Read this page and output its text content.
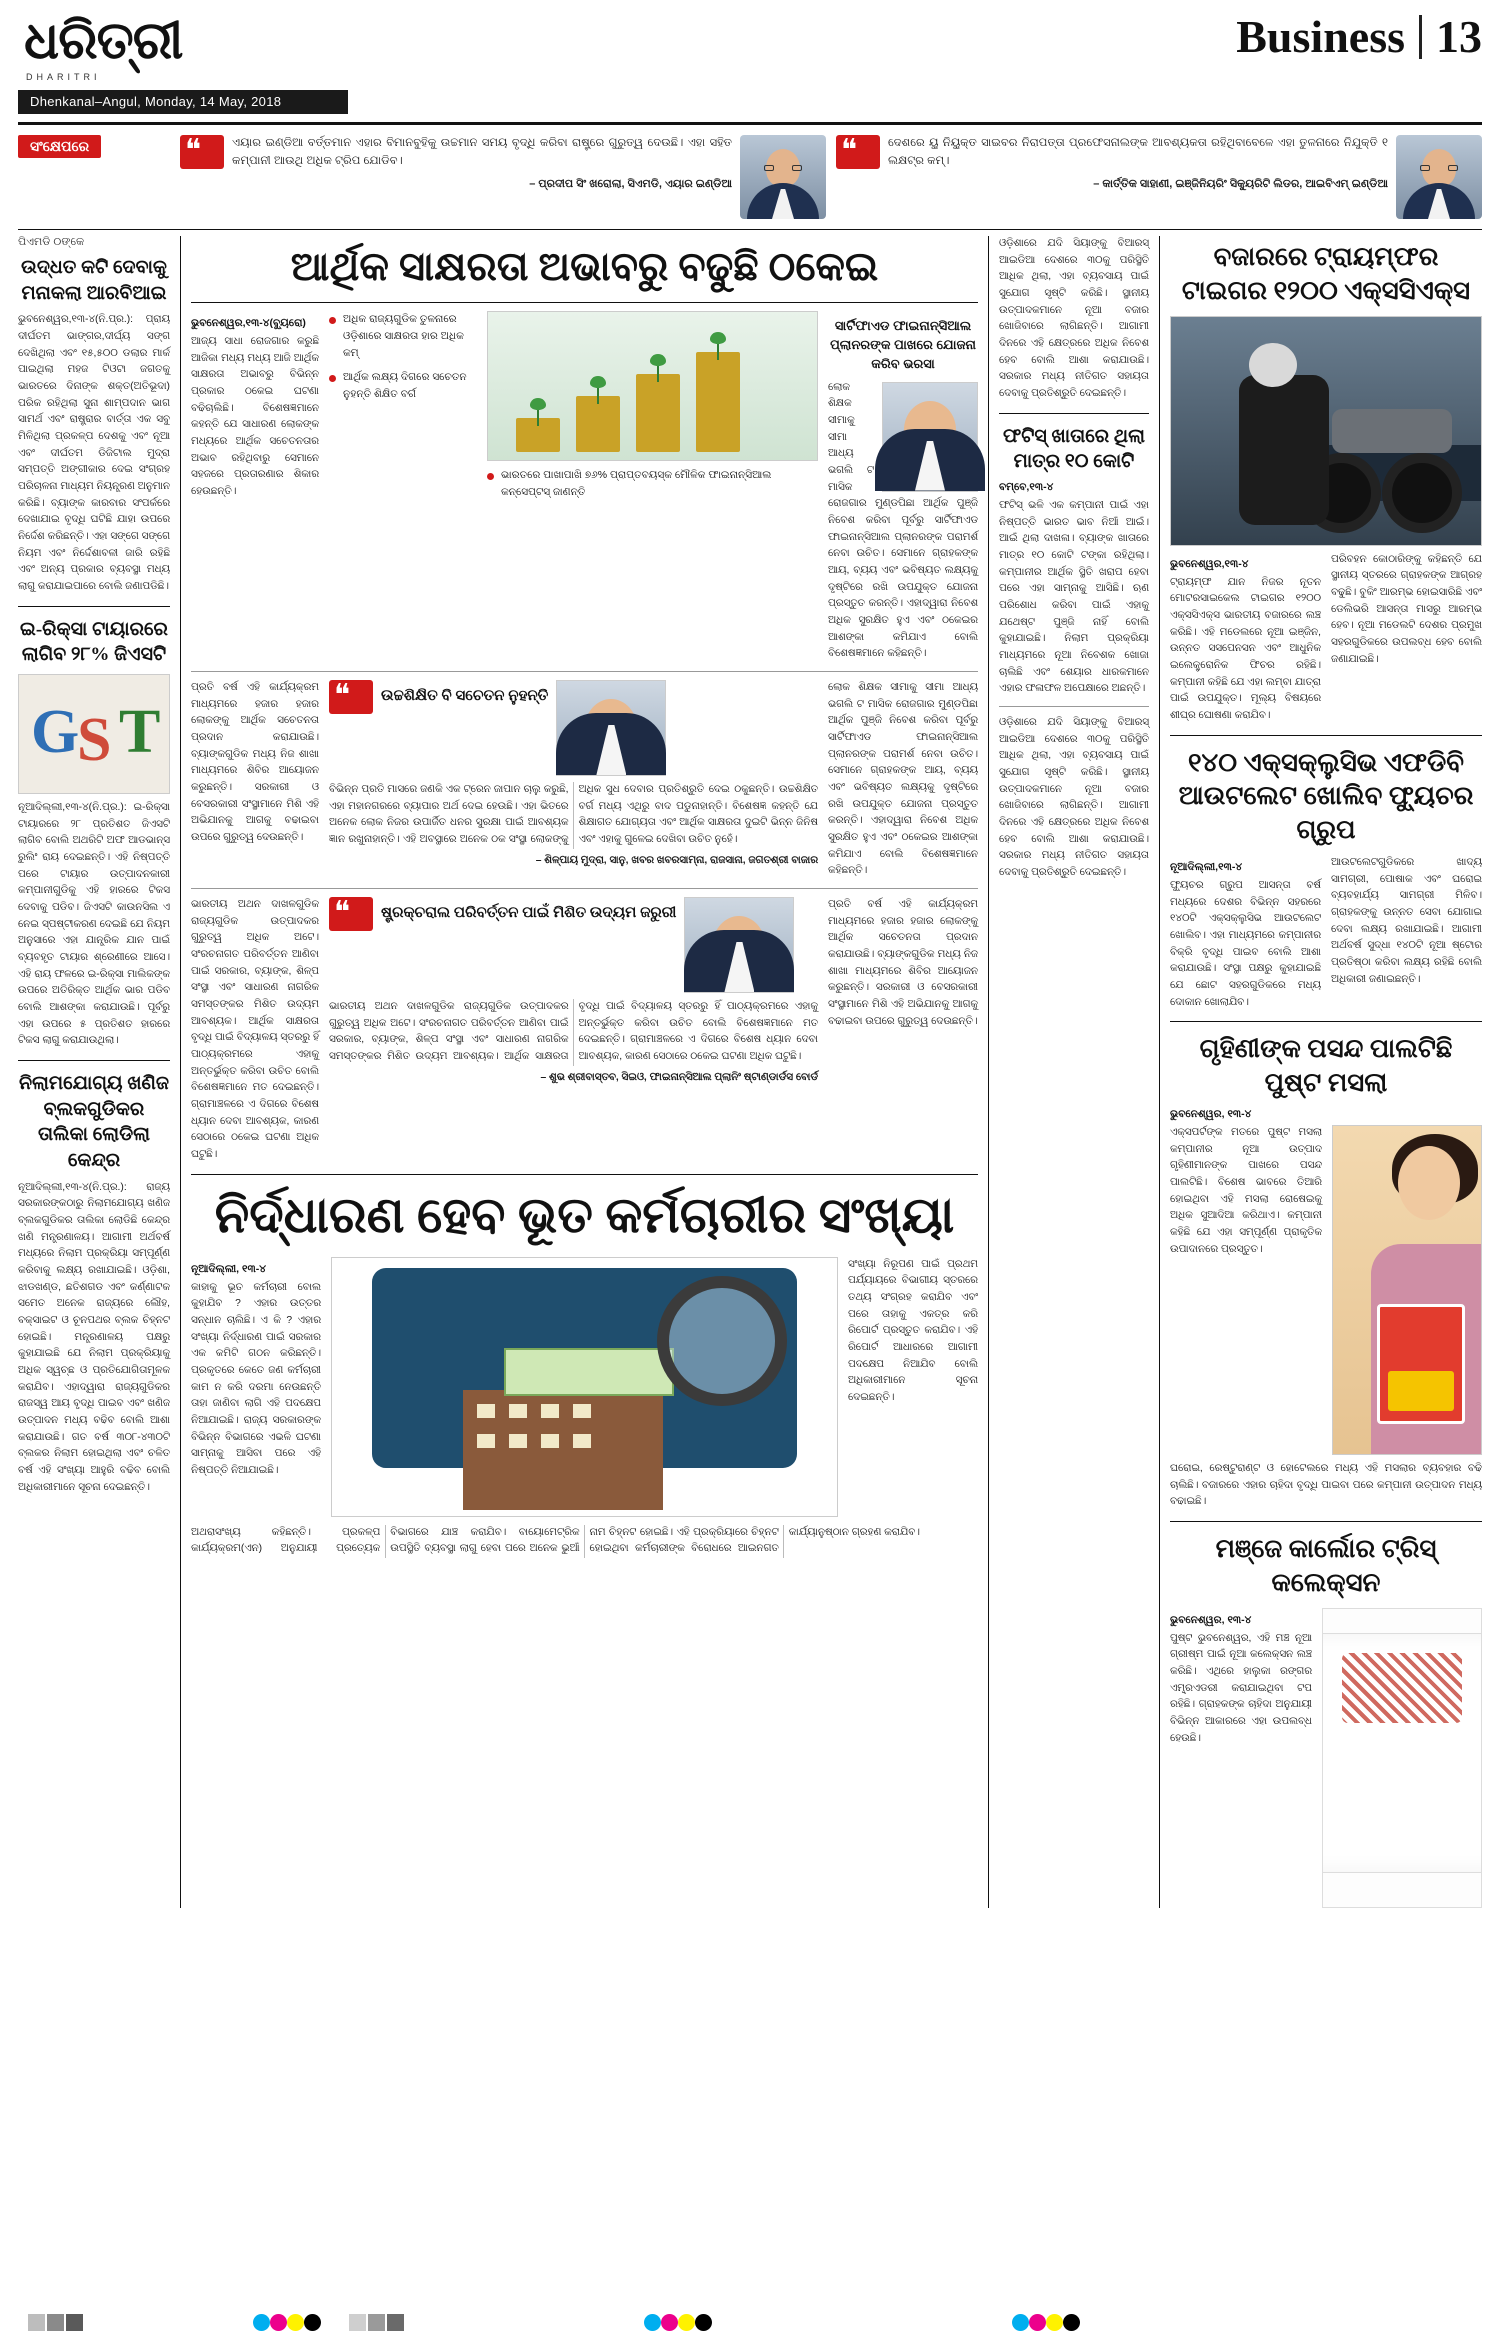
ଧରିତ୍ରୀ
DHARITRI
Business 13
Dhenkanal–Angul, Monday, 14 May, 2018
ସଂକ୍ଷେପରେ ❝	ଏୟାର ଇଣ୍ଡିଆ ବର୍ତ୍ତମାନ ଏହାର ବିମାନବୁହିକୁ ଉଚ୍ଚମାନ ସମୟ ବୃଦ୍ଧି କରିବା ରାଷ୍ଟ୍ରେ ଗୁରୁତ୍ୱ ଦେଉଛି। ଏହା ସହିତ କମ୍ପାନୀ ଆଉଥି ଅଧିକ ଟ୍ରିପ ଯୋଡିବ।
– ପ୍ରଦୀପ ସିଂ ଖରୋଲା, ସିଏମଡି, ଏୟାର ଇଣ୍ଡିଆ
❝
ଦେଶରେ ୟୁ ନିୟୁକ୍ତ ସାଇବର ନିରାପତ୍ତା ପ୍ରଫେସନାଲଙ୍କ ଆବଶ୍ୟକତା ରହିଥିବାବେଳେ ଏହା ତୁଳନାରେ ନିଯୁକ୍ତି ୧ ଲକ୍ଷଟ୍ର କମ୍।
– କାର୍ତ୍ତିକ ସାହାଣୀ, ଇଞ୍ଜିନିୟରିଂ ସିକ୍ୟୁରିଟି ଲିଡର, ଆଇବିଏମ୍ ଇଣ୍ଡିଆ
ପିଏମଡି ୦ଙ୍କେ
ଉଦ୍ଧତ କଟି ଦେବାକୁ ମନାକଲା ଆରବିଆଇ
ଭୁବନେଶ୍ୱର,୧୩-୪(ନି.ପ୍ର.): ପ୍ରାୟ ଦୀର୍ଘତମ ଭାଙ୍ଗର,ଦୀର୍ଘ୍ୟ ସଙ୍ଗ ଦେଖିଥିଲା ଏବଂ ୧୫,୫୦୦ ଡଲାର ମାର୍କ ପାଇଥିଲା ମହଜ ଟିଓଟା ଜଗତକୁ ଭାରତରେ ଦିନାଙ୍କ ଶକ୍ତ(ଅତିଭୂଦା) ପରିକ ରହିଥିଲା ସୁନା ଶାମ୍ପଦାନ ଭାଗ ସାମର୍ଥ ଏବଂ ରାଷ୍ଟ୍ରାର ବାର୍ତ୍ତା ଏକ ସବୁ ମିଳିଥିଲା ପ୍ରକଳ୍ପ ଦେଶକୁ ଏବଂ ନୂଆ ଏବଂ ଦୀର୍ଘତମ ଡିଜିଟାଲ ମୁଦ୍ରା ସମ୍ପତ୍ତି ଅଙ୍ଗୀକାର ଦେଇ ସଂଗ୍ରହ ପରିଚାଳନା ମାଧ୍ୟମ ନିୟନ୍ତ୍ରଣ ଅନୁମାନ କରିଛି। ବ୍ୟାଙ୍କ କାରବାର ସଂପର୍କରେ ଦେଖାଯାଇ ବୃଦ୍ଧି ଘଟିଛି ଯାହା ଉପରେ ନିର୍ଦ୍ଦେଶ କରିଛନ୍ତି। ଏହା ସଙ୍ଗେ ସଙ୍ଗେ ନିୟମ ଏବଂ ନିର୍ଦ୍ଦେଶାବଳୀ ଜାରି ରହିଛି ଏବଂ ଅନ୍ୟ ପ୍ରକାର ବ୍ୟବସ୍ଥା ମଧ୍ୟ ଲାଗୁ କରାଯାଇପାରେ ବୋଲି ଜଣାପଡିଛି।
ଇ-ରିକ୍ସା ଟାୟାରରେ ଲାଗିବ ୨୮% ଜିଏସଟି
G
S T
ନୂଆଦିଲ୍ଲୀ,୧୩-୪(ନି.ପ୍ର.): ଇ-ରିକ୍ସା ଟାୟାରରେ ୨୮ ପ୍ରତିଶତ ଜିଏସଟି ଲାଗିବ ବୋଲି ଅଥରିଟି ଅଫ ଆଡଭାନ୍ସ ରୁଲିଂ ରାୟ ଦେଇଛନ୍ତି। ଏହି ନିଷ୍ପତ୍ତି ପରେ ଟାୟାର ଉତ୍ପାଦନକାରୀ କମ୍ପାନୀଗୁଡିକୁ ଏହି ହାରରେ ଟିକସ ଦେବାକୁ ପଡିବ। ଜିଏସଟି କାଉନସିଲ ଏ ନେଇ ସ୍ପଷ୍ଟୀକରଣ ଦେଇଛି ଯେ ନିୟମ ଅନୁସାରେ ଏହା ଯାନ୍ତ୍ରିକ ଯାନ ପାଇଁ ବ୍ୟବହୃତ ଟାୟାର ଶ୍ରେଣୀରେ ଆସେ। ଏହି ରାୟ ଫଳରେ ଇ-ରିକ୍ସା ମାଲିକଙ୍କ ଉପରେ ଅତିରିକ୍ତ ଆର୍ଥିକ ଭାର ପଡିବ ବୋଲି ଆଶଙ୍କା କରାଯାଉଛି। ପୂର୍ବରୁ ଏହା ଉପରେ ୫ ପ୍ରତିଶତ ହାରରେ ଟିକସ ଲାଗୁ କରାଯାଉଥିଲା।
ନିଲାମଯୋଗ୍ୟ ଖଣିଜ ବ୍ଲକଗୁଡିକର ତାଲିକା ଲୋଡିଲା କେନ୍ଦ୍ର
ନୂଆଦିଲ୍ଲୀ,୧୩-୪(ନି.ପ୍ର.): ରାଜ୍ୟ ସରକାରଙ୍କଠାରୁ ନିଲାମଯୋଗ୍ୟ ଖଣିଜ ବ୍ଲକଗୁଡିକର ତାଲିକା ଲୋଡିଛି କେନ୍ଦ୍ର ଖଣି ମନ୍ତ୍ରଣାଳୟ। ଆଗାମୀ ଅର୍ଥବର୍ଷ ମଧ୍ୟରେ ନିଲାମ ପ୍ରକ୍ରିୟା ସମ୍ପୂର୍ଣ୍ଣ କରିବାକୁ ଲକ୍ଷ୍ୟ ରଖାଯାଇଛି। ଓଡ଼ିଶା, ଝାଡଖଣ୍ଡ, ଛତିଶଗଡ ଏବଂ କର୍ଣ୍ଣାଟକ ସମେତ ଅନେକ ରାଜ୍ୟରେ ଲୌହ, ବକ୍ସାଇଟ ଓ ଚୂନପଥର ବ୍ଲକ ଚିହ୍ନଟ ହୋଇଛି। ମନ୍ତ୍ରଣାଳୟ ପକ୍ଷରୁ କୁହାଯାଇଛି ଯେ ନିଲାମ ପ୍ରକ୍ରିୟାକୁ ଅଧିକ ସ୍ୱଚ୍ଛ ଓ ପ୍ରତିଯୋଗିତାମୂଳକ କରାଯିବ। ଏହାଦ୍ୱାରା ରାଜ୍ୟଗୁଡିକର ରାଜସ୍ୱ ଆୟ ବୃଦ୍ଧି ପାଇବ ଏବଂ ଖଣିଜ ଉତ୍ପାଦନ ମଧ୍ୟ ବଢିବ ବୋଲି ଆଶା କରାଯାଉଛି। ଗତ ବର୍ଷ ୩୦୮-୪୩୦ଟି ବ୍ଲକର ନିଲାମ ହୋଇଥିଲା ଏବଂ ଚଳିତ ବର୍ଷ ଏହି ସଂଖ୍ୟା ଆହୁରି ବଢିବ ବୋଲି ଅଧିକାରୀମାନେ ସୂଚନା ଦେଇଛନ୍ତି।
ଆର୍ଥିକ ସାକ୍ଷରତା ଅଭାବରୁ ବଢୁଛି ଠକେଇ
ଭୁବନେଶ୍ୱର,୧୩-୪(ବ୍ୟୁରୋ)
ଆଜ୍ୟ ସାଧା ରୋଜଗାର କରୁଛି ଆଜିକା ମଧ୍ୟ ମଧ୍ୟ ଆଜି ଆର୍ଥିକ ସାକ୍ଷରତା ଅଭାବରୁ ବିଭିନ୍ନ ପ୍ରକାର ଠକେଇ ଘଟଣା ବଢିଚାଲିଛି। ବିଶେଷଜ୍ଞମାନେ କହନ୍ତି ଯେ ସାଧାରଣ ଲୋକଙ୍କ ମଧ୍ୟରେ ଆର୍ଥିକ ସଚେତନତାର ଅଭାବ ରହିଥିବାରୁ ସେମାନେ ସହଜରେ ପ୍ରତାରଣାର ଶିକାର ହେଉଛନ୍ତି।
ଅଧିକ ରାଜ୍ୟଗୁଡିକ ତୁଳନାରେ ଓଡ଼ିଶାରେ ସାକ୍ଷରତା ହାର ଅଧିକ କମ୍
ଆର୍ଥିକ ଲକ୍ଷ୍ୟ ଦିଗରେ ସଚେତନ ନୁହନ୍ତି ଶିକ୍ଷିତ ବର୍ଗ
ଭାରତରେ ପାଖାପାଖି ୭୬% ପ୍ରାପ୍ତବୟସ୍କ ମୌଳିକ ଫାଇନାନ୍ସିଆଲ କନ୍ସେପ୍ଟସ୍ ଜାଣନ୍ତି
ସାର୍ଟିଫାଏଡ ଫାଇନାନ୍ସିଆଲ ପ୍ଲାନରଙ୍କ ପାଖରେ ଯୋଜନା କରିବ ଭରସା
ଲୋକ ଶିକ୍ଷକ ସୀମାକୁ ସୀମା ଆଧ୍ୟ ଭଗଲି ଟ ମାସିକ ରୋଜଗାର ମୁଣ୍ଡପିଛା ଆର୍ଥିକ ପୁଞ୍ଜି ନିବେଶ କରିବା ପୂର୍ବରୁ ସାର୍ଟିଫାଏଡ ଫାଇନାନ୍ସିଆଲ ପ୍ଲାନରଙ୍କ ପରାମର୍ଶ ନେବା ଉଚିତ। ସେମାନେ ଗ୍ରାହକଙ୍କ ଆୟ, ବ୍ୟୟ ଏବଂ ଭବିଷ୍ୟତ ଲକ୍ଷ୍ୟକୁ ଦୃଷ୍ଟିରେ ରଖି ଉପଯୁକ୍ତ ଯୋଜନା ପ୍ରସ୍ତୁତ କରନ୍ତି। ଏହାଦ୍ୱାରା ନିବେଶ ଅଧିକ ସୁରକ୍ଷିତ ହୁଏ ଏବଂ ଠକେଇର ଆଶଙ୍କା କମିଯାଏ ବୋଲି ବିଶେଷଜ୍ଞମାନେ କହିଛନ୍ତି।
ପ୍ରତି ବର୍ଷ ଏହି କାର୍ଯ୍ୟକ୍ରମ ମାଧ୍ୟମରେ ହଜାର ହଜାର ଲୋକଙ୍କୁ ଆର୍ଥିକ ସଚେତନତା ପ୍ରଦାନ କରାଯାଉଛି। ବ୍ୟାଙ୍କଗୁଡିକ ମଧ୍ୟ ନିଜ ଶାଖା ମାଧ୍ୟମରେ ଶିବିର ଆୟୋଜନ କରୁଛନ୍ତି। ସରକାରୀ ଓ ବେସରକାରୀ ସଂସ୍ଥାମାନେ ମିଶି ଏହି ଅଭିଯାନକୁ ଆଗକୁ ବଢାଇବା ଉପରେ ଗୁରୁତ୍ୱ ଦେଉଛନ୍ତି।
❝
ଉଚ୍ଚଶିକ୍ଷିତ ବି ସଚେତନ ନୁହନ୍ତି
ବିଭିନ୍ନ ପ୍ରତି ମାସରେ ଜଣକି ଏକ ଟ୍ରେନ ଜାପାନ ଚାଲୁ କରୁଛି, ଏହା ମହାନଗରରେ ବ୍ୟାପାର ଅର୍ଥ ଦେଇ ହେଉଛି। ଏହା ଭିତରେ ଅନେକ ଲୋକ ନିଜର ଉପାର୍ଜିତ ଧନର ସୁରକ୍ଷା ପାଇଁ ଆବଶ୍ୟକ ଜ୍ଞାନ ରଖୁନାହାନ୍ତି। ଏହି ଅବସ୍ଥାରେ ଅନେକ ଠକ ସଂସ୍ଥା ଲୋକଙ୍କୁ ଅଧିକ ସୁଧ ଦେବାର ପ୍ରତିଶ୍ରୁତି ଦେଇ ଠକୁଛନ୍ତି। ଉଚ୍ଚଶିକ୍ଷିତ ବର୍ଗ ମଧ୍ୟ ଏଥିରୁ ବାଦ ପଡୁନାହାନ୍ତି। ବିଶେଷଜ୍ଞ କହନ୍ତି ଯେ ଶିକ୍ଷାଗତ ଯୋଗ୍ୟତା ଏବଂ ଆର୍ଥିକ ସାକ୍ଷରତା ଦୁଇଟି ଭିନ୍ନ ଜିନିଷ ଏବଂ ଏହାକୁ ଗୁଳେଇ ଦେଖିବା ଉଚିତ ନୁହେଁ।
– ଶିଳ୍ପାୟ ମୁଦ୍ରା, ସାନୁ, ଖବର ଖବରସାମ୍ନା, ରାଜସାନା, ଜଗତଶ୍ରୀ ବାଜାର
ଲୋକ ଶିକ୍ଷକ ସୀମାକୁ ସୀମା ଆଧ୍ୟ ଭଗଲି ଟ ମାସିକ ରୋଜଗାର ମୁଣ୍ଡପିଛା ଆର୍ଥିକ ପୁଞ୍ଜି ନିବେଶ କରିବା ପୂର୍ବରୁ ସାର୍ଟିଫାଏଡ ଫାଇନାନ୍ସିଆଲ ପ୍ଲାନରଙ୍କ ପରାମର୍ଶ ନେବା ଉଚିତ। ସେମାନେ ଗ୍ରାହକଙ୍କ ଆୟ, ବ୍ୟୟ ଏବଂ ଭବିଷ୍ୟତ ଲକ୍ଷ୍ୟକୁ ଦୃଷ୍ଟିରେ ରଖି ଉପଯୁକ୍ତ ଯୋଜନା ପ୍ରସ୍ତୁତ କରନ୍ତି। ଏହାଦ୍ୱାରା ନିବେଶ ଅଧିକ ସୁରକ୍ଷିତ ହୁଏ ଏବଂ ଠକେଇର ଆଶଙ୍କା କମିଯାଏ ବୋଲି ବିଶେଷଜ୍ଞମାନେ କହିଛନ୍ତି।
ଭାରତୀୟ ଅଥନ ଦାଖଳଗୁଡିକ ରାଜ୍ୟଗୁଡିକ ଉତ୍ପାଦକର ଗୁରୁତ୍ୱ ଅଧିକ ଅଟେ। ସଂରଚନାଗତ ପରିବର୍ତ୍ତନ ଆଣିବା ପାଇଁ ସରକାର, ବ୍ୟାଙ୍କ, ଶିଳ୍ପ ସଂସ୍ଥା ଏବଂ ସାଧାରଣ ନାଗରିକ ସମସ୍ତଙ୍କର ମିଶିତ ଉଦ୍ୟମ ଆବଶ୍ୟକ। ଆର୍ଥିକ ସାକ୍ଷରତା ବୃଦ୍ଧି ପାଇଁ ବିଦ୍ୟାଳୟ ସ୍ତରରୁ ହିଁ ପାଠ୍ୟକ୍ରମରେ ଏହାକୁ ଅନ୍ତର୍ଭୁକ୍ତ କରିବା ଉଚିତ ବୋଲି ବିଶେଷଜ୍ଞମାନେ ମତ ଦେଇଛନ୍ତି। ଗ୍ରାମାଞ୍ଚଳରେ ଏ ଦିଗରେ ବିଶେଷ ଧ୍ୟାନ ଦେବା ଆବଶ୍ୟକ, କାରଣ ସେଠାରେ ଠକେଇ ଘଟଣା ଅଧିକ ଘଟୁଛି।
❝
ଷ୍ଟ୍ରକ୍ଚରାଲ ପରିବର୍ତ୍ତନ ପାଇଁ ମିଶିତ ଉଦ୍ୟମ ଜରୁରୀ
ଭାରତୀୟ ଅଥନ ଦାଖଳଗୁଡିକ ରାଜ୍ୟଗୁଡିକ ଉତ୍ପାଦକର ଗୁରୁତ୍ୱ ଅଧିକ ଅଟେ। ସଂରଚନାଗତ ପରିବର୍ତ୍ତନ ଆଣିବା ପାଇଁ ସରକାର, ବ୍ୟାଙ୍କ, ଶିଳ୍ପ ସଂସ୍ଥା ଏବଂ ସାଧାରଣ ନାଗରିକ ସମସ୍ତଙ୍କର ମିଶିତ ଉଦ୍ୟମ ଆବଶ୍ୟକ। ଆର୍ଥିକ ସାକ୍ଷରତା ବୃଦ୍ଧି ପାଇଁ ବିଦ୍ୟାଳୟ ସ୍ତରରୁ ହିଁ ପାଠ୍ୟକ୍ରମରେ ଏହାକୁ ଅନ୍ତର୍ଭୁକ୍ତ କରିବା ଉଚିତ ବୋଲି ବିଶେଷଜ୍ଞମାନେ ମତ ଦେଇଛନ୍ତି। ଗ୍ରାମାଞ୍ଚଳରେ ଏ ଦିଗରେ ବିଶେଷ ଧ୍ୟାନ ଦେବା ଆବଶ୍ୟକ, କାରଣ ସେଠାରେ ଠକେଇ ଘଟଣା ଅଧିକ ଘଟୁଛି।
– ଶୁଭ ଶ୍ରୀବାସ୍ତବ, ସିଇଓ, ଫାଇନାନ୍ସିଆଲ ପ୍ଲାନିଂ ଷ୍ଟାଣ୍ଡାର୍ଡସ ବୋର୍ଡ
ପ୍ରତି ବର୍ଷ ଏହି କାର୍ଯ୍ୟକ୍ରମ ମାଧ୍ୟମରେ ହଜାର ହଜାର ଲୋକଙ୍କୁ ଆର୍ଥିକ ସଚେତନତା ପ୍ରଦାନ କରାଯାଉଛି। ବ୍ୟାଙ୍କଗୁଡିକ ମଧ୍ୟ ନିଜ ଶାଖା ମାଧ୍ୟମରେ ଶିବିର ଆୟୋଜନ କରୁଛନ୍ତି। ସରକାରୀ ଓ ବେସରକାରୀ ସଂସ୍ଥାମାନେ ମିଶି ଏହି ଅଭିଯାନକୁ ଆଗକୁ ବଢାଇବା ଉପରେ ଗୁରୁତ୍ୱ ଦେଉଛନ୍ତି।
ନିର୍ଦ୍ଧାରଣ ହେବ ଭୂତ କର୍ମଚାରୀର ସଂଖ୍ୟା
ନୂଆଦିଲ୍ଲୀ, ୧୩-୪
କାହାକୁ ଭୂତ କର୍ମଚାରୀ ବୋଲ କୁହାଯିବ ? ଏହାର ଉତ୍ତର ସନ୍ଧାନ ଚାଲିଛି। ଏ କି ? ଏହାର ସଂଖ୍ୟା ନିର୍ଦ୍ଧାରଣ ପାଇଁ ସରକାର ଏକ କମିଟି ଗଠନ କରିଛନ୍ତି। ପ୍ରକୃତରେ କେତେ ଜଣ କର୍ମଚାରୀ କାମ ନ କରି ଦରମା ନେଉଛନ୍ତି ତାହା ଜାଣିବା ଲାଗି ଏହି ପଦକ୍ଷେପ ନିଆଯାଇଛି। ରାଜ୍ୟ ସରକାରଙ୍କ ବିଭିନ୍ନ ବିଭାଗରେ ଏଭଳି ଘଟଣା ସାମ୍ନାକୁ ଆସିବା ପରେ ଏହି ନିଷ୍ପତ୍ତି ନିଆଯାଇଛି।
ସଂଖ୍ୟା ନିରୂପଣ ପାଇଁ ପ୍ରଥମ ପର୍ଯ୍ୟାୟରେ ବିଭାଗୀୟ ସ୍ତରରେ ତଥ୍ୟ ସଂଗ୍ରହ କରାଯିବ ଏବଂ ପରେ ତାହାକୁ ଏକତ୍ର କରି ରିପୋର୍ଟ ପ୍ରସ୍ତୁତ କରାଯିବ। ଏହି ରିପୋର୍ଟ ଆଧାରରେ ଆଗାମୀ ପଦକ୍ଷେପ ନିଆଯିବ ବୋଲି ଅଧିକାରୀମାନେ ସୂଚନା ଦେଇଛନ୍ତି।
ଅଥରାସଂଖ୍ୟ କହିଛନ୍ତି। ପ୍ରକଳ୍ପ କାର୍ଯ୍ୟକ୍ରମ(ଏନ) ଅନୁଯାୟୀ ପ୍ରତ୍ୟେକ ବିଭାଗରେ ଯାଞ୍ଚ କରାଯିବ। ବାୟୋମେଟ୍ରିକ ଉପସ୍ଥିତି ବ୍ୟବସ୍ଥା ଲାଗୁ ହେବା ପରେ ଅନେକ ଭୁଆଁ ନାମ ଚିହ୍ନଟ ହୋଇଛି। ଏହି ପ୍ରକ୍ରିୟାରେ ଚିହ୍ନଟ ହୋଇଥିବା କର୍ମଚାରୀଙ୍କ ବିରୋଧରେ ଆଇନଗତ କାର୍ଯ୍ୟାନୁଷ୍ଠାନ ଗ୍ରହଣ କରାଯିବ।
ଓଡ଼ିଶାରେ ଯଦି ସିୟାଙ୍କୁ ବିଆରସ୍ ଆଇଡିଆ ଦେଶରେ ୩୦କୁ ପରିସ୍ଥିତି ଆଧିକ ଥିଲା, ଏହା ବ୍ୟବସାୟ ପାଇଁ ସୁଯୋଗ ସୃଷ୍ଟି କରିଛି। ସ୍ଥାନୀୟ ଉତ୍ପାଦକମାନେ ନୂଆ ବଜାର ଖୋଜିବାରେ ଲାଗିଛନ୍ତି। ଆଗାମୀ ଦିନରେ ଏହି କ୍ଷେତ୍ରରେ ଅଧିକ ନିବେଶ ହେବ ବୋଲି ଆଶା କରାଯାଉଛି। ସରକାର ମଧ୍ୟ ନୀତିଗତ ସହାୟତା ଦେବାକୁ ପ୍ରତିଶ୍ରୁତି ଦେଇଛନ୍ତି।
ଫଟିସ୍ ଖାତାରେ ଥିଲା ମାତ୍ର ୧୦ କୋଟି
ବମ୍ବେ,୧୩-୪
ଫଟିସ୍ ଭଳି ଏକ କମ୍ପାନୀ ପାଇଁ ଏହା ନିଷ୍ପତ୍ତି ଭାରତ ଭାବ ନିଆଁ ଆଇଁ। ଆଇଁ ଥିଲା ଦାଖଳା। ବ୍ୟାଙ୍କ ଖାତାରେ ମାତ୍ର ୧୦ କୋଟି ଟଙ୍କା ରହିଥିଲା। କମ୍ପାନୀର ଆର୍ଥିକ ସ୍ଥିତି ଖରାପ ହେବା ପରେ ଏହା ସାମ୍ନାକୁ ଆସିଛି। ଋଣ ପରିଶୋଧ କରିବା ପାଇଁ ଏହାକୁ ଯଥେଷ୍ଟ ପୁଞ୍ଜି ନାହିଁ ବୋଲି କୁହାଯାଇଛି। ନିଲାମ ପ୍ରକ୍ରିୟା ମାଧ୍ୟମରେ ନୂଆ ନିବେଶକ ଖୋଜା ଚାଲିଛି ଏବଂ ଶେୟାର ଧାରକମାନେ ଏହାର ଫଳାଫଳ ଅପେକ୍ଷାରେ ଅଛନ୍ତି।
ଓଡ଼ିଶାରେ ଯଦି ସିୟାଙ୍କୁ ବିଆରସ୍ ଆଇଡିଆ ଦେଶରେ ୩୦କୁ ପରିସ୍ଥିତି ଆଧିକ ଥିଲା, ଏହା ବ୍ୟବସାୟ ପାଇଁ ସୁଯୋଗ ସୃଷ୍ଟି କରିଛି। ସ୍ଥାନୀୟ ଉତ୍ପାଦକମାନେ ନୂଆ ବଜାର ଖୋଜିବାରେ ଲାଗିଛନ୍ତି। ଆଗାମୀ ଦିନରେ ଏହି କ୍ଷେତ୍ରରେ ଅଧିକ ନିବେଶ ହେବ ବୋଲି ଆଶା କରାଯାଉଛି। ସରକାର ମଧ୍ୟ ନୀତିଗତ ସହାୟତା ଦେବାକୁ ପ୍ରତିଶ୍ରୁତି ଦେଇଛନ୍ତି।
ବଜାରରେ ଟ୍ରାୟମ୍ଫର ଟାଇଗର ୧୨୦୦ ଏକ୍ସସିଏକ୍ସ
ଭୁବନେଶ୍ୱର,୧୩-୪
ଟ୍ରାୟମ୍ଫ ଯାନ ନିଜର ନୂତନ ମୋଟରସାଇକେଲ ଟାଇଗର ୧୨୦୦ ଏକ୍ସସିଏକ୍ସ ଭାରତୀୟ ବଜାରରେ ଲଞ୍ଚ କରିଛି। ଏହି ମଡେଲରେ ନୂଆ ଇଞ୍ଜିନ, ଉନ୍ନତ ସସପେନସନ ଏବଂ ଆଧୁନିକ ଇଲେକ୍ଟ୍ରୋନିକ ଫିଚର ରହିଛି। କମ୍ପାନୀ କହିଛି ଯେ ଏହା ଲମ୍ବା ଯାତ୍ରା ପାଇଁ ଉପଯୁକ୍ତ। ମୂଲ୍ୟ ବିଷୟରେ ଶୀଘ୍ର ଘୋଷଣା କରାଯିବ।
ପରିବହନ କୋଠାରିଙ୍କୁ କହିଛନ୍ତି ଯେ ସ୍ଥାନୀୟ ସ୍ତରରେ ଗ୍ରାହକଙ୍କ ଆଗ୍ରହ ବଢୁଛି। ବୁକିଂ ଆରମ୍ଭ ହୋଇସାରିଛି ଏବଂ ଡେଲିଭରି ଆସନ୍ତା ମାସରୁ ଆରମ୍ଭ ହେବ। ନୂଆ ମଡେଲଟି ଦେଶର ପ୍ରମୁଖ ସହରଗୁଡିକରେ ଉପଲବ୍ଧ ହେବ ବୋଲି ଜଣାଯାଇଛି।
୧୪୦ ଏକ୍ସକ୍ଲୁସିଭ ଏଫଡିବି ଆଉଟଲେଟ ଖୋଲିବ ଫ୍ୟୁଚର ଗ୍ରୁପ
ନୂଆଦିଲ୍ଲୀ,୧୩-୪
ଫ୍ୟୁଚର ଗ୍ରୁପ ଆସନ୍ତା ବର୍ଷ ମଧ୍ୟରେ ଦେଶର ବିଭିନ୍ନ ସହରରେ ୧୪୦ଟି ଏକ୍ସକ୍ଲୁସିଭ ଆଉଟଲେଟ ଖୋଲିବ। ଏହା ମାଧ୍ୟମରେ କମ୍ପାନୀର ବିକ୍ରି ବୃଦ୍ଧି ପାଇବ ବୋଲି ଆଶା କରାଯାଉଛି। ସଂସ୍ଥା ପକ୍ଷରୁ କୁହାଯାଇଛି ଯେ ଛୋଟ ସହରଗୁଡିକରେ ମଧ୍ୟ ଦୋକାନ ଖୋଲାଯିବ।
ଆଉଟଲେଟଗୁଡିକରେ ଖାଦ୍ୟ ସାମଗ୍ରୀ, ପୋଷାକ ଏବଂ ଘରୋଇ ବ୍ୟବହାର୍ଯ୍ୟ ସାମଗ୍ରୀ ମିଳିବ। ଗ୍ରାହକଙ୍କୁ ଉନ୍ନତ ସେବା ଯୋଗାଇ ଦେବା ଲକ୍ଷ୍ୟ ରଖାଯାଇଛି। ଆଗାମୀ ଅର୍ଥବର୍ଷ ସୁଦ୍ଧା ୧୪୦ଟି ନୂଆ ଷ୍ଟୋର ପ୍ରତିଷ୍ଠା କରିବା ଲକ୍ଷ୍ୟ ରହିଛି ବୋଲି ଅଧିକାରୀ ଜଣାଇଛନ୍ତି।
ଗୃହିଣୀଙ୍କ ପସନ୍ଦ ପାଲଟିଛି ପୁଷ୍ଟ ମସଲା
ଭୁବନେଶ୍ୱର, ୧୩-୪
ଏକ୍ସପର୍ଟଙ୍କ ମତରେ ପୁଷ୍ଟ ମସଲା କମ୍ପାନୀର ନୂଆ ଉତ୍ପାଦ ଗୃହିଣୀମାନଙ୍କ ପାଖରେ ପସନ୍ଦ ପାଲଟିଛି। ବିଶେଷ ଭାବରେ ତିଆରି ହୋଇଥିବା ଏହି ମସଲା ରୋଷେଇକୁ ଅଧିକ ସୁଆଦିଆ କରିଥାଏ। କମ୍ପାନୀ କହିଛି ଯେ ଏହା ସମ୍ପୂର୍ଣ୍ଣ ପ୍ରାକୃତିକ ଉପାଦାନରେ ପ୍ରସ୍ତୁତ।
ଘରୋଇ, ରେଷ୍ଟୁରାଣ୍ଟ ଓ ହୋଟେଲରେ ମଧ୍ୟ ଏହି ମସଲାର ବ୍ୟବହାର ବଢି ଚାଲିଛି। ବଜାରରେ ଏହାର ଚାହିଦା ବୃଦ୍ଧି ପାଇବା ପରେ କମ୍ପାନୀ ଉତ୍ପାଦନ ମଧ୍ୟ ବଢାଇଛି।
ମଞ୍ଜେ କାର୍ଲୋର ଟ୍ରିସ୍ କଲେକ୍ସନ
ଭୁବନେଶ୍ୱର, ୧୩-୪
ପୁଷ୍ଟ ଭୁବନେଶ୍ୱର, ଏହି ମଞ୍ଚ ନୂଆ ଗ୍ରୀଷ୍ମ ପାଇଁ ନୂଆ କଲେକ୍ସନ ଲଞ୍ଚ କରିଛି। ଏଥିରେ ହାଲୁକା ରଙ୍ଗର ଏମ୍ବ୍ରଏଡରୀ କରାଯାଇଥିବା ଟପ ରହିଛି। ଗ୍ରାହକଙ୍କ ଚାହିଦା ଅନୁଯାୟୀ ବିଭିନ୍ନ ଆକାରରେ ଏହା ଉପଲବ୍ଧ ହେଉଛି।
